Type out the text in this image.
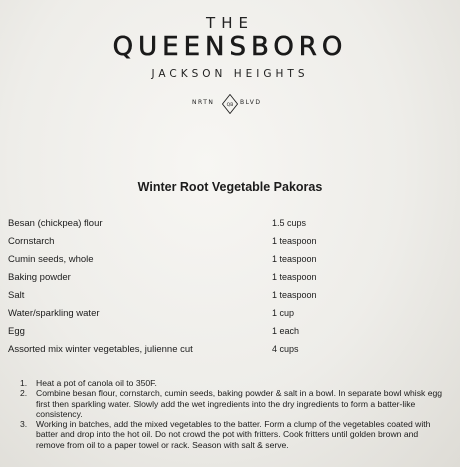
THE
QUEENSBORO
JACKSON HEIGHTS
NRTN	QB BLVD
Winter Root Vegetable Pakoras
Besan (chickpea) flour	1.5 cups
Cornstarch	1 teaspoon
Cumin seeds, whole	1 teaspoon
Baking powder	1 teaspoon
Salt	1 teaspoon
Water/sparkling water	1 cup
Egg	1 each
Assorted mix winter vegetables, julienne cut	4 cups
1. Heat a pot of canola oil to 350F.
2. Combine besan flour, cornstarch, cumin seeds, baking powder & salt in a bowl. In separate bowl whisk egg first then sparkling water. Slowly add the wet ingredients into the dry ingredients to form a batter-like consistency.
3. Working in batches, add the mixed vegetables to the batter. Form a clump of the vegetables coated with batter and drop into the hot oil. Do not crowd the pot with fritters. Cook fritters until golden brown and remove from oil to a paper towel or rack. Season with salt & serve.
